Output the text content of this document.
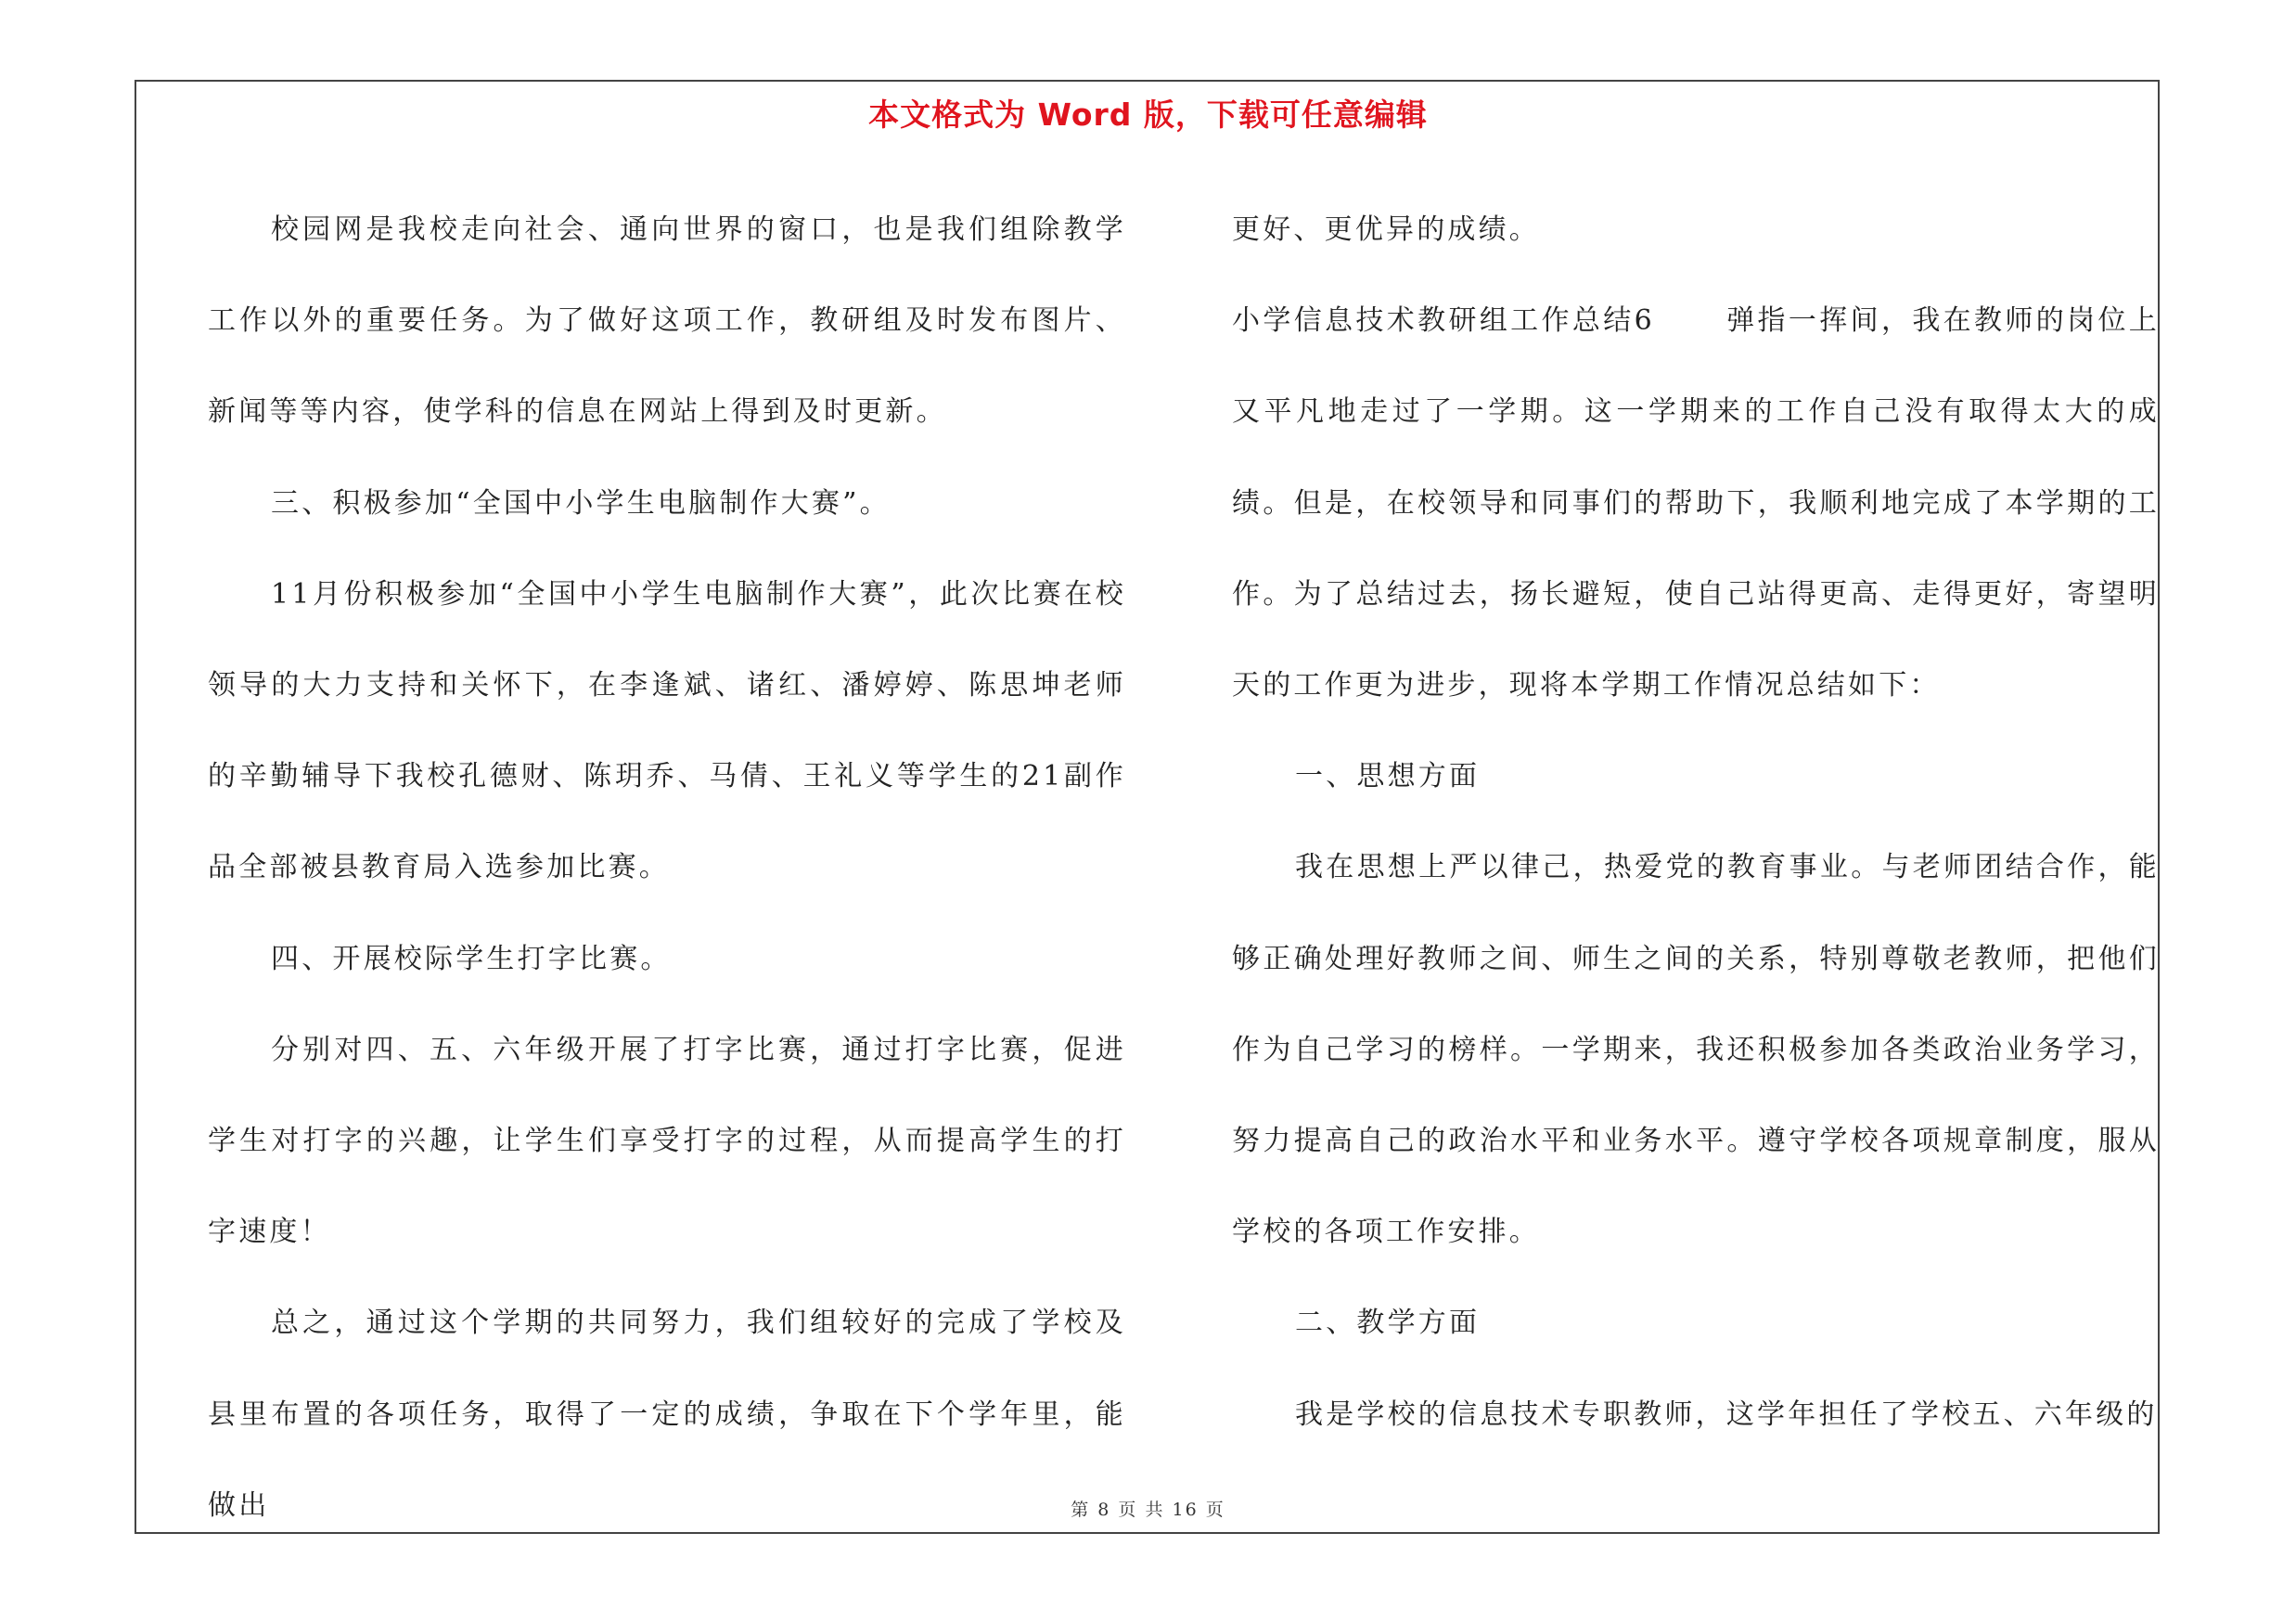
本文格式为 Word 版，下载可任意编辑

校园网是我校走向社会、通向世界的窗口，也是我们组除教学工作以外的重要任务。为了做好这项工作，教研组及时发布图片、新闻等等内容，使学科的信息在网站上得到及时更新。

三、积极参加“全国中小学生电脑制作大赛”。

11月份积极参加“全国中小学生电脑制作大赛”，此次比赛在校领导的大力支持和关怀下，在李逢斌、诸红、潘婷婷、陈思坤老师的辛勤辅导下我校孔德财、陈玥乔、马倩、王礼义等学生的21副作品全部被县教育局入选参加比赛。

四、开展校际学生打字比赛。

分别对四、五、六年级开展了打字比赛，通过打字比赛，促进学生对打字的兴趣，让学生们享受打字的过程，从而提高学生的打字速度！

总之，通过这个学期的共同努力，我们组较好的完成了学校及县里布置的各项任务，取得了一定的成绩，争取在下个学年里，能做出

更好、更优异的成绩。

小学信息技术教研组工作总结6      弹指一挥间，我在教师的岗位上又平凡地走过了一学期。这一学期来的工作自己没有取得太大的成绩。但是，在校领导和同事们的帮助下，我顺利地完成了本学期的工作。为了总结过去，扬长避短，使自己站得更高、走得更好，寄望明天的工作更为进步，现将本学期工作情况总结如下：

一、思想方面

我在思想上严以律己，热爱党的教育事业。与老师团结合作，能够正确处理好教师之间、师生之间的关系，特别尊敬老教师，把他们作为自己学习的榜样。一学期来，我还积极参加各类政治业务学习，努力提高自己的政治水平和业务水平。遵守学校各项规章制度，服从学校的各项工作安排。

二、教学方面

我是学校的信息技术专职教师，这学年担任了学校五、六年级的

第 8 页 共 16 页
